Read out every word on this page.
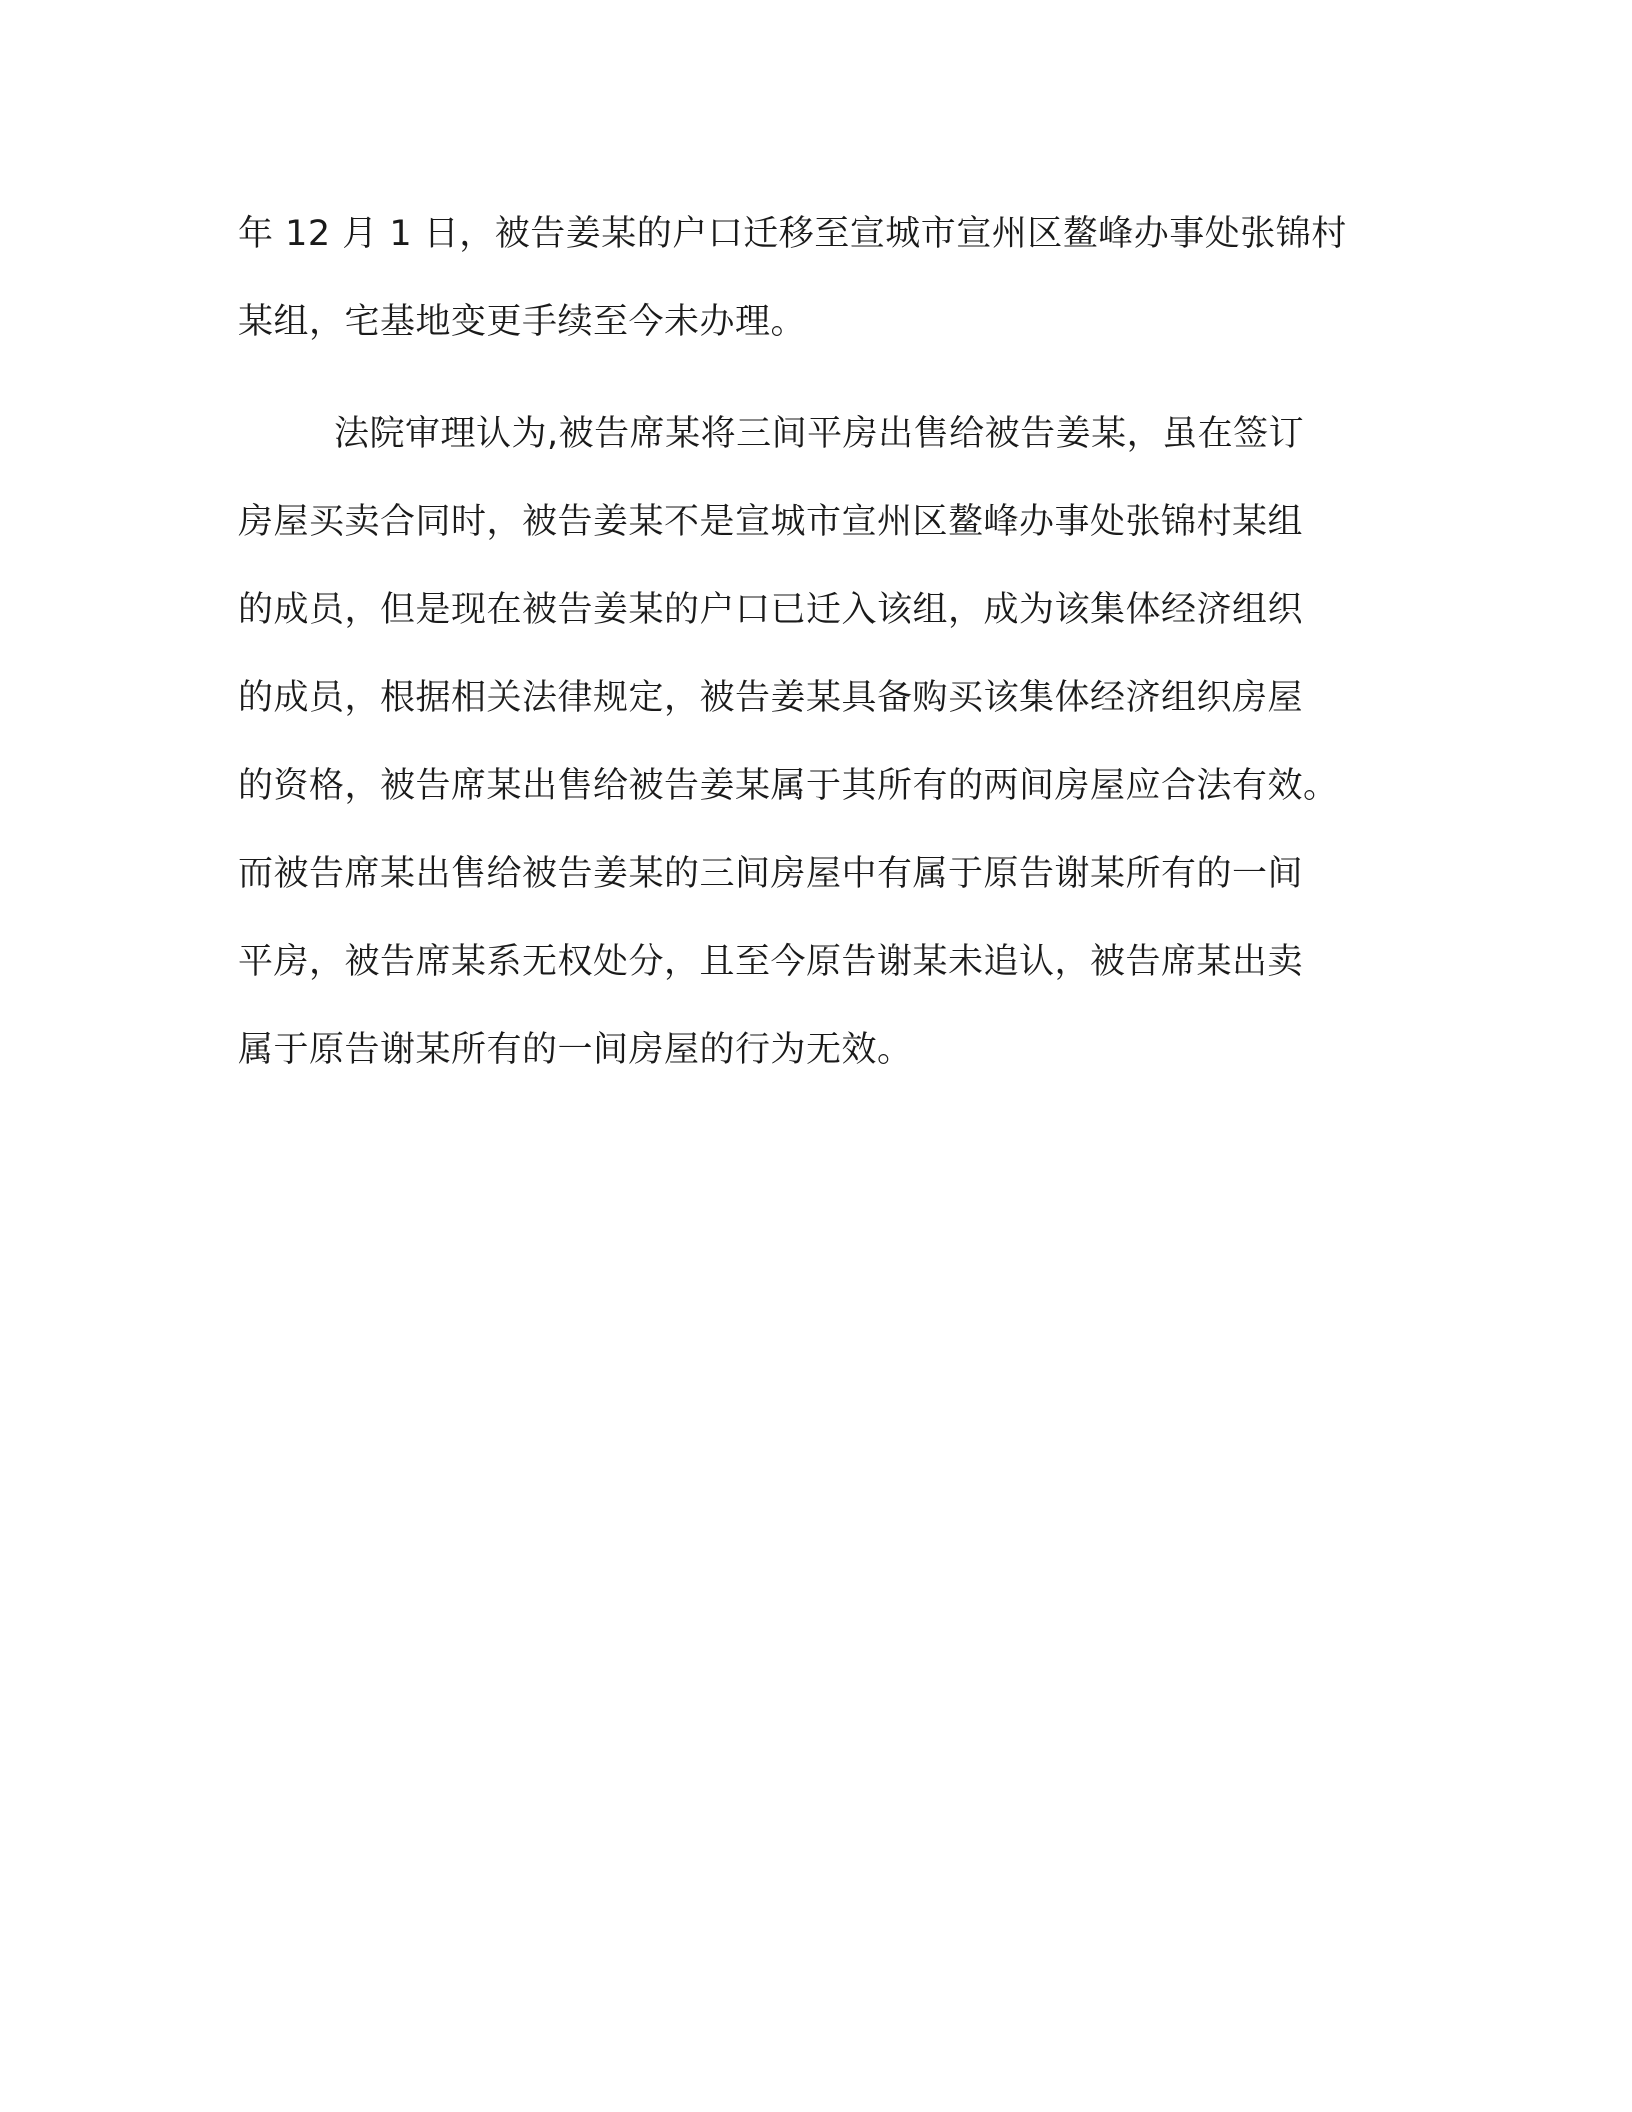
年 12 月 1 日，被告姜某的户口迁移至宣城市宣州区鳌峰办事处张锦村
某组，宅基地变更手续至今未办理。
法院审理认为,被告席某将三间平房出售给被告姜某，虽在签订
房屋买卖合同时，被告姜某不是宣城市宣州区鳌峰办事处张锦村某组
的成员，但是现在被告姜某的户口已迁入该组，成为该集体经济组织
的成员，根据相关法律规定，被告姜某具备购买该集体经济组织房屋
的资格，被告席某出售给被告姜某属于其所有的两间房屋应合法有效。
而被告席某出售给被告姜某的三间房屋中有属于原告谢某所有的一间
平房，被告席某系无权处分，且至今原告谢某未追认，被告席某出卖
属于原告谢某所有的一间房屋的行为无效。
